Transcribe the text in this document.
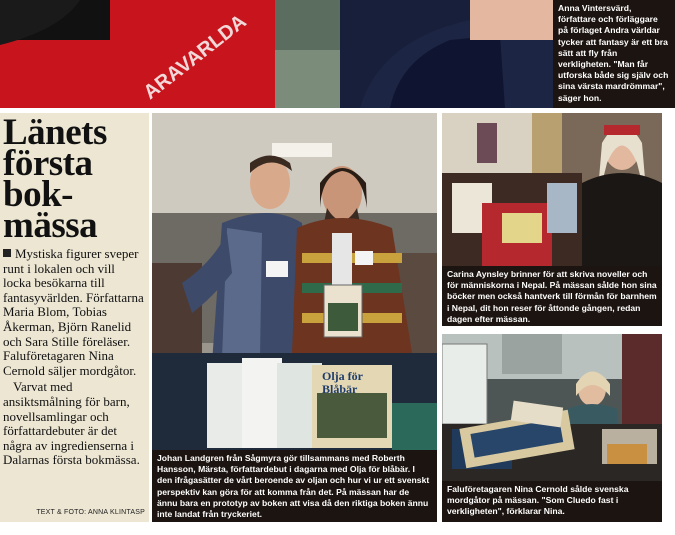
ARAVARLDA
Anna Vintersvärd, författare och förläggare på förlaget Andra världar tycker att fantasy är ett bra sätt att fly från verkligheten. "Man får utforska både sig själv och sina värsta mardrömmar", säger hon.
Länets
första
bok-
mässa

Mystiska figurer sveper runt i lokalen och vill locka besökarna till fantasyvärlden. Författarna Maria Blom, Tobias Åkerman, Björn Ranelid och Sara Stille föreläser. Faluföretagaren Nina Cernold säljer mordgåtor.

Varvat med ansiktsmålning för barn, novellsamlingar och författardebuter är det några av ingredienserna i Dalarnas första bokmässa.

TEXT & FOTO: ANNA KLINTASP
Olja för
Blåbär
Johan Landgren från Sågmyra gör tillsammans med Roberth Hansson, Märsta, författardebut i dagarna med Olja för blåbär. I den ifrågasätter de vårt beroende av oljan och hur vi ur ett svenskt perspektiv kan göra för att komma från det. På mässan har de ännu bara en prototyp av boken att visa då den riktiga boken ännu inte landat från tryckeriet.
Carina Aynsley brinner för att skriva noveller och för människorna i Nepal. På mässan sålde hon sina böcker men också hantverk till förmån för barnhem i Nepal, dit hon reser för åttonde gången, redan dagen efter mässan.
Faluföretagaren Nina Cernold sålde svenska mordgåtor på mässan. "Som Cluedo fast i verkligheten", förklarar Nina.
